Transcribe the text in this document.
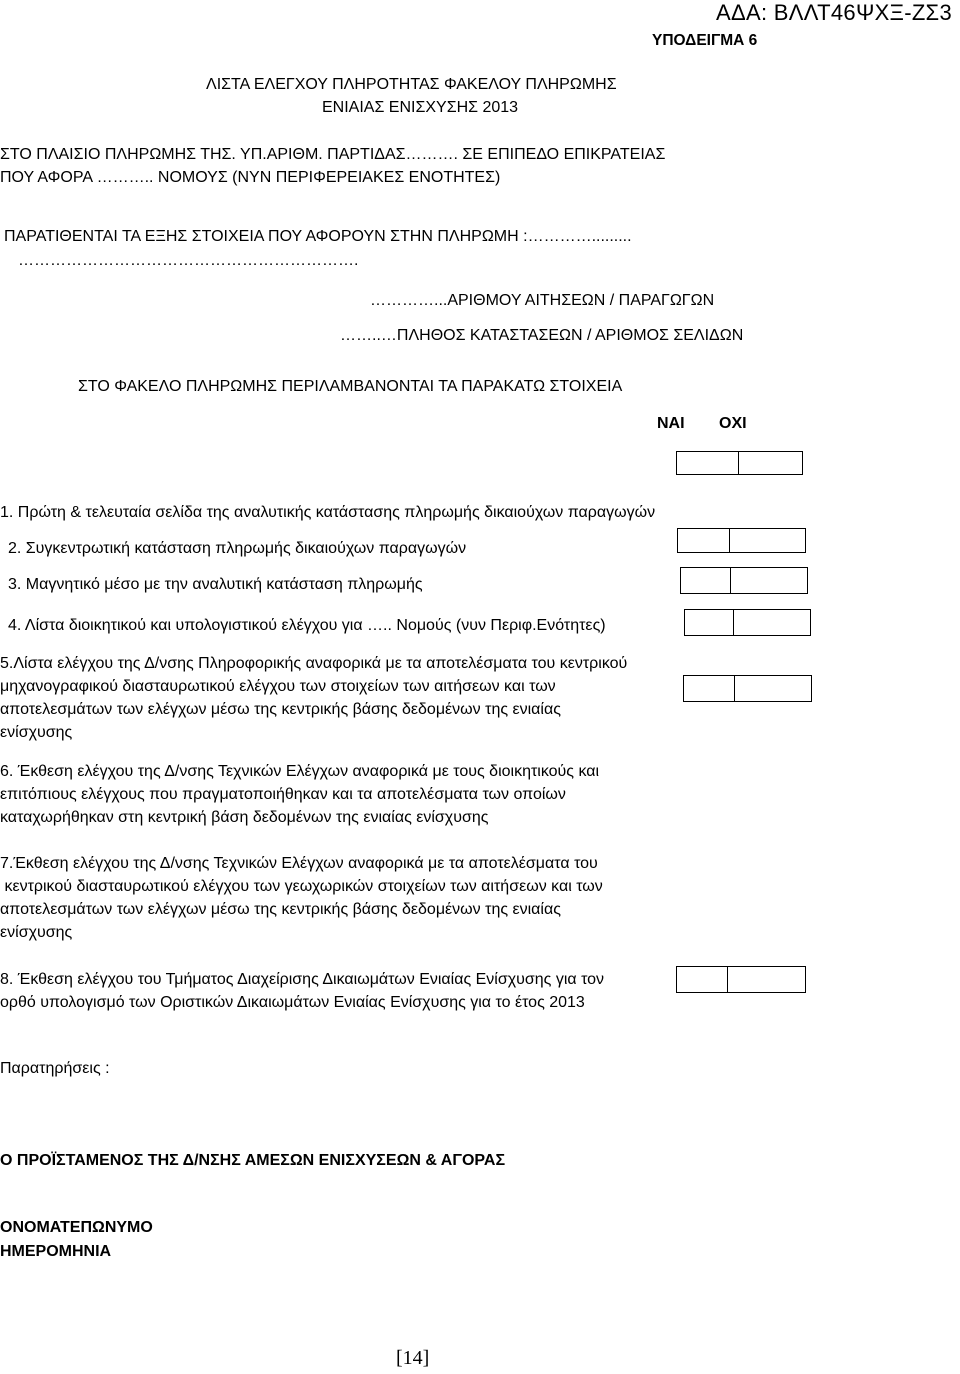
ΑΔΑ: ΒΛΛΤ46ΨΧΞ-ΖΣ3
ΥΠΟΔΕΙΓΜΑ 6
ΛΙΣΤΑ ΕΛΕΓΧΟΥ ΠΛΗΡΟΤΗΤΑΣ ΦΑΚΕΛΟΥ ΠΛΗΡΩΜΗΣ
ΕΝΙΑΙΑΣ ΕΝΙΣΧΥΣΗΣ 2013
ΣΤΟ ΠΛΑΙΣΙΟ ΠΛΗΡΩΜΗΣ ΤΗΣ. ΥΠ.ΑΡΙΘΜ. ΠΑΡΤΙΔΑΣ………. ΣΕ ΕΠΙΠΕΔΟ ΕΠΙΚΡΑΤΕΙΑΣ
ΠΟΥ ΑΦΟΡΑ ……….. ΝΟΜΟΥΣ (ΝΥΝ ΠΕΡΙΦΕΡΕΙΑΚΕΣ ΕΝΟΤΗΤΕΣ)
ΠΑΡΑΤΙΘΕΝΤΑΙ ΤΑ ΕΞΗΣ ΣΤΟΙΧΕΙΑ ΠΟΥ ΑΦΟΡΟΥΝ ΣΤΗΝ ΠΛΗΡΩΜΗ :………….........
……………………………………………………….
…………...ΑΡΙΘΜΟΥ ΑΙΤΗΣΕΩΝ / ΠΑΡΑΓΩΓΩΝ
……..…ΠΛΗΘΟΣ ΚΑΤΑΣΤΑΣΕΩΝ / ΑΡΙΘΜΟΣ ΣΕΛΙΔΩΝ
ΣΤΟ ΦΑΚΕΛΟ ΠΛΗΡΩΜΗΣ ΠΕΡΙΛΑΜΒΑΝΟΝΤΑΙ ΤΑ ΠΑΡΑΚΑΤΩ ΣΤΟΙΧΕΙΑ
ΝΑΙ ΟΧΙ
1. Πρώτη & τελευταία σελίδα της αναλυτικής κατάστασης πληρωμής δικαιούχων παραγωγών
2. Συγκεντρωτική κατάσταση πληρωμής δικαιούχων παραγωγών
3. Μαγνητικό μέσο με την αναλυτική κατάσταση πληρωμής
4. Λίστα διοικητικού και υπολογιστικού ελέγχου για ….. Νομούς (νυν Περιφ.Ενότητες)
5.Λίστα ελέγχου της Δ/νσης Πληροφορικής αναφορικά με τα αποτελέσματα του κεντρικού
μηχανογραφικού διασταυρωτικού ελέγχου των στοιχείων των αιτήσεων και των
αποτελεσμάτων των ελέγχων μέσω της κεντρικής βάσης δεδομένων της ενιαίας
ενίσχυσης
6. Έκθεση ελέγχου της Δ/νσης Τεχνικών Ελέγχων αναφορικά με τους διοικητικούς και
επιτόπιους ελέγχους που πραγματοποιήθηκαν και τα αποτελέσματα των οποίων
καταχωρήθηκαν στη κεντρική βάση δεδομένων της ενιαίας ενίσχυσης
7.Έκθεση ελέγχου της Δ/νσης Τεχνικών Ελέγχων αναφορικά με τα αποτελέσματα του
κεντρικού διασταυρωτικού ελέγχου των γεωχωρικών στοιχείων των αιτήσεων και των
αποτελεσμάτων των ελέγχων μέσω της κεντρικής βάσης δεδομένων της ενιαίας
ενίσχυσης
8. Έκθεση ελέγχου του Τμήματος Διαχείρισης Δικαιωμάτων Ενιαίας Ενίσχυσης για τον
ορθό υπολογισμό των Οριστικών Δικαιωμάτων Ενιαίας Ενίσχυσης για το έτος 2013
Παρατηρήσεις :
Ο ΠΡΟΪΣΤΑΜΕΝΟΣ ΤΗΣ Δ/ΝΣΗΣ ΑΜΕΣΩΝ ΕΝΙΣΧΥΣΕΩΝ & ΑΓΟΡΑΣ
ΟΝΟΜΑΤΕΠΩΝΥΜΟ
ΗΜΕΡΟΜΗΝΙΑ
[14]
